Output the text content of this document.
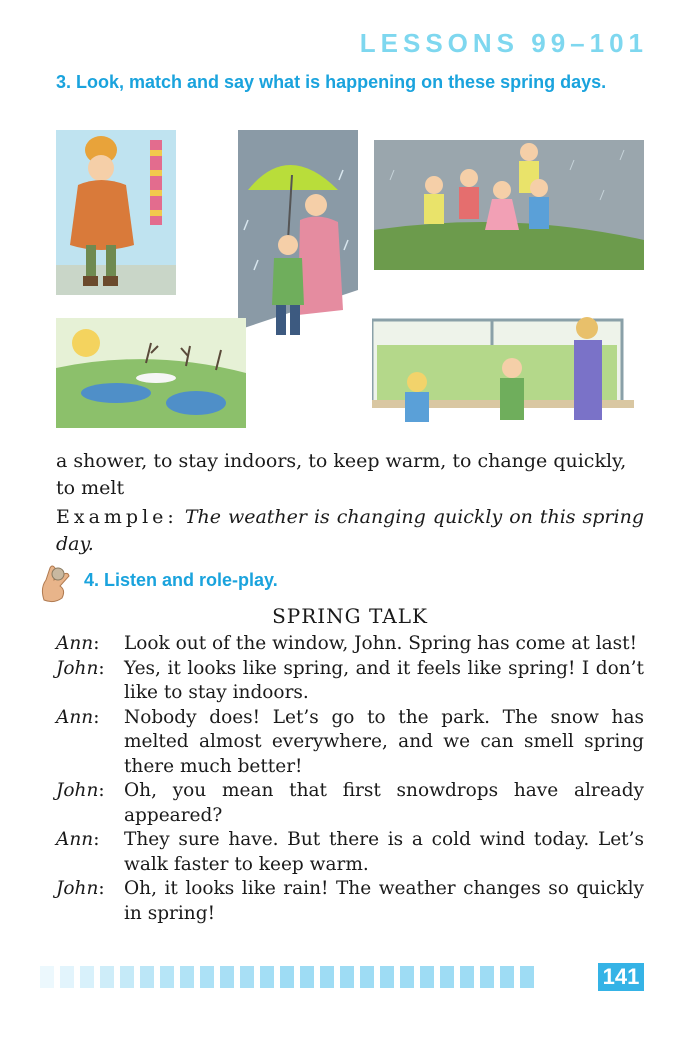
LESSONS 99–101
3. Look, match and say what is happening on these spring days.
a shower, to stay indoors, to keep warm, to change quickly, to melt
Example: The weather is changing quickly on this spring day.
4. Listen and role-play.
SPRING TALK
Ann:	Look out of the window, John. Spring has come at last!
John:	Yes, it looks like spring, and it feels like spring! I don’t like to stay indoors.
Ann:	Nobody does! Let’s go to the park. The snow has melted almost everywhere, and we can smell spring there much better!
John:	Oh, you mean that first snowdrops have already appeared?
Ann:	They sure have. But there is a cold wind today. Let’s walk faster to keep warm.
John:	Oh, it looks like rain! The weather changes so quickly in spring!
141
